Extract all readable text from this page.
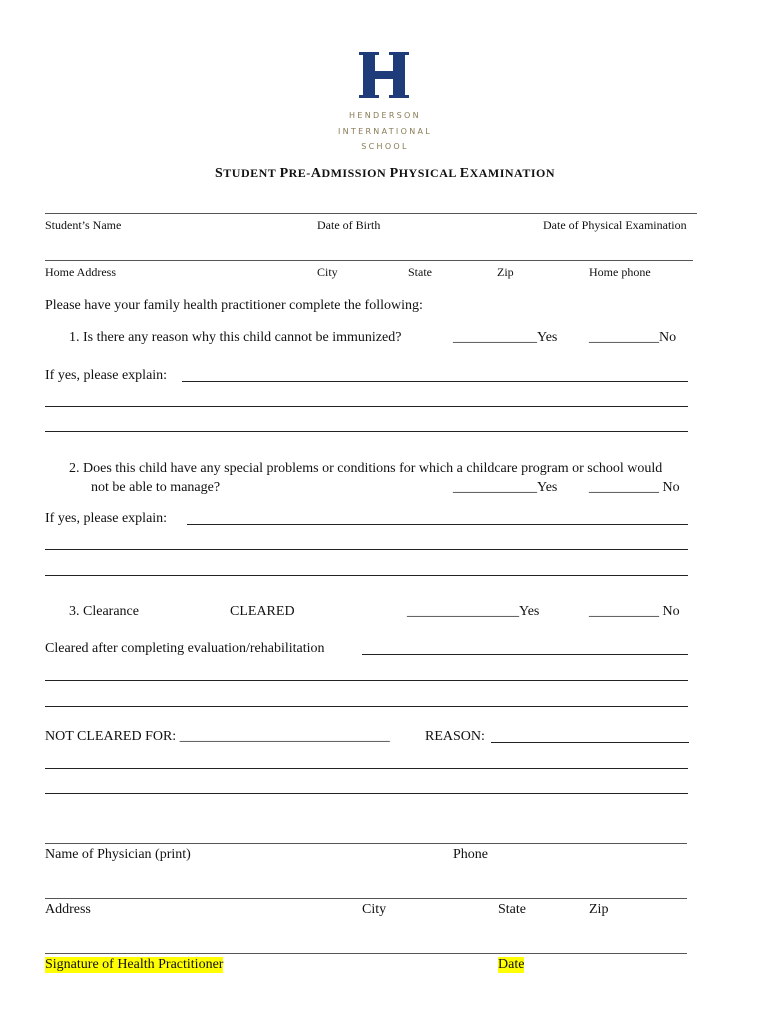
HENDERSON
INTERNATIONAL
SCHOOL
STUDENT PRE-ADMISSION PHYSICAL EXAMINATION
Student’s Name	Date of Birth	Date of Physical Examination
Home Address	City	State	Zip	Home phone
Please have your family health practitioner complete the following:
1. Is there any reason why this child cannot be immunized?	____________Yes __________No
If yes, please explain:
2. Does this child have any special problems or conditions for which a childcare program or school would
not be able to manage?	____________Yes __________ No
If yes, please explain:
3. Clearance	CLEARED	________________Yes	__________ No
Cleared after completing evaluation/rehabilitation
NOT CLEARED FOR: ______________________________	REASON:
Name of Physician (print)	Phone
Address	City	State	Zip
Signature of Health Practitioner	Date
